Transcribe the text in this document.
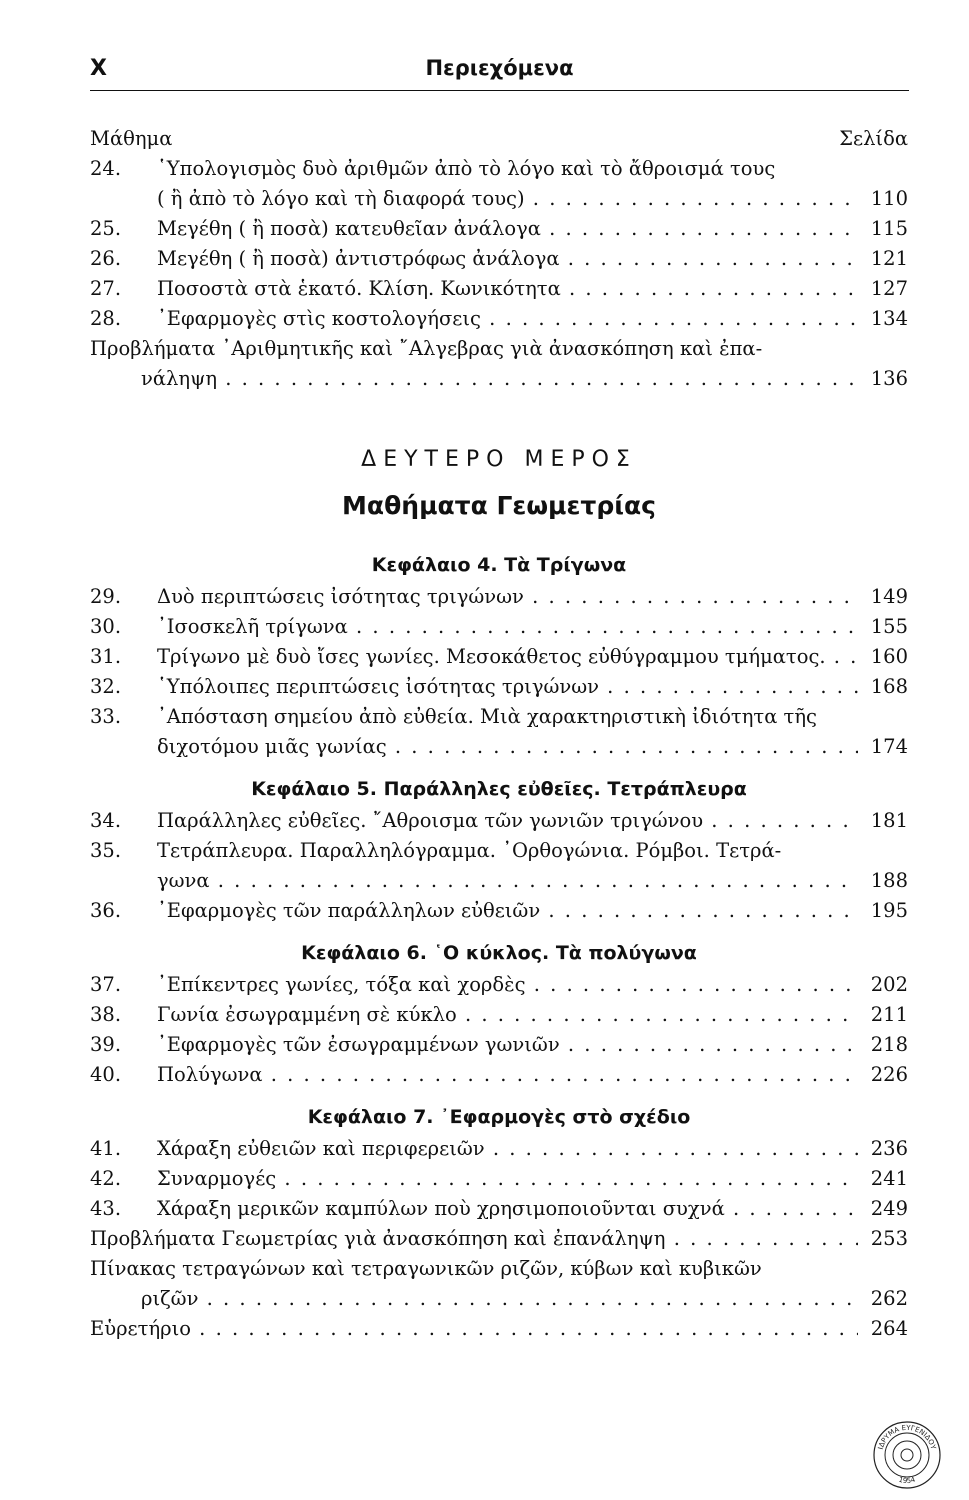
X	Περιεχόμενα
Μάθημα	Σελίδα
24.	῾Υπολογισμὸς δυὸ ἀριθμῶν ἀπὸ τὸ λόγο καὶ τὸ ἄθροισμά τους
( ἢ ἀπὸ τὸ λόγο καὶ τὴ διαφορά τους) . . .	110
25.	Μεγέθη ( ἢ ποσὰ) κατευθεῖαν ἀνάλογα . . .	115
26.	Μεγέθη ( ἢ ποσὰ) ἀντιστρόφως ἀνάλογα . . .	121
27.	Ποσοστὰ στὰ ἑκατό. Κλίση. Κωνικότητα . . .	127
28.	᾿Εφαρμογὲς στὶς κοστολογήσεις . . .	134
Προβλήματα ᾿Αριθμητικῆς καὶ ῎Αλγεβρας γιὰ ἀνασκόπηση καὶ ἐπα-
νάληψη . . .	136
ΔΕΥΤΕΡΟ ΜΕΡΟΣ
Μαθήματα Γεωμετρίας
Κεφάλαιο 4. Τὰ Τρίγωνα
29.	Δυὸ περιπτώσεις ἰσότητας τριγώνων . . .	149
30.	᾿Ισοσκελῆ τρίγωνα . . .	155
31.	Τρίγωνο μὲ δυὸ ἴσες γωνίες. Μεσοκάθετος εὐθύγραμμου τμήματος. . . .	160
32.	῾Υπόλοιπες περιπτώσεις ἰσότητας τριγώνων . . .	168
33.	᾿Απόσταση σημείου ἀπὸ εὐθεία. Μιὰ χαρακτηριστικὴ ἰδιότητα τῆς
διχοτόμου μιᾶς γωνίας . . .	174
Κεφάλαιο 5. Παράλληλες εὐθεῖες. Τετράπλευρα
34.	Παράλληλες εὐθεῖες. ῎Αθροισμα τῶν γωνιῶν τριγώνου . . .	181
35.	Τετράπλευρα. Παραλληλόγραμμα. ᾿Ορθογώνια. Ρόμβοι. Τετρά-
γωνα . . .	188
36.	᾿Εφαρμογὲς τῶν παράλληλων εὐθειῶν . . .	195
Κεφάλαιο 6. ῾Ο κύκλος. Τὰ πολύγωνα
37.	᾿Επίκεντρες γωνίες, τόξα καὶ χορδὲς . . .	202
38.	Γωνία ἐσωγραμμένη σὲ κύκλο . . .	211
39.	᾿Εφαρμογὲς τῶν ἐσωγραμμένων γωνιῶν . . .	218
40.	Πολύγωνα . . .	226
Κεφάλαιο 7. ᾿Εφαρμογὲς στὸ σχέδιο
41.	Χάραξη εὐθειῶν καὶ περιφερειῶν . . .	236
42.	Συναρμογές . . .	241
43.	Χάραξη μερικῶν καμπύλων ποὺ χρησιμοποιοῦνται συχνά . . .	249
Προβλήματα Γεωμετρίας γιὰ ἀνασκόπηση καὶ ἐπανάληψη . . .	253
Πίνακας τετραγώνων καὶ τετραγωνικῶν ριζῶν, κύβων καὶ κυβικῶν
ριζῶν . . .	262
Εὑρετήριο . . .	264
ΙΔΡΥΜΑ ΕΥΓΕΝΙΔΟΥ
1954
